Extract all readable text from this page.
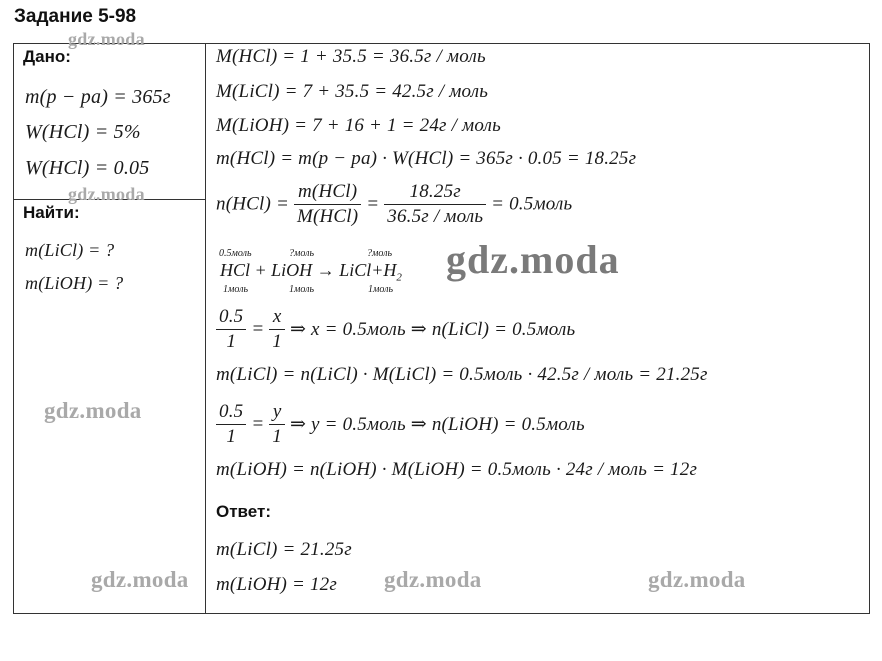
Задание 5-98
Дано:
m(p − pa) = 365г
W(HCl) = 5%
W(HCl) = 0.05
Найти:
m(LiCl) = ?
m(LiOH) = ?
M(HCl) = 1 + 35.5 = 36.5г / моль
M(LiCl) = 7 + 35.5 = 42.5г / моль
M(LiOH) = 7 + 16 + 1 = 24г / моль
m(HCl) = m(p − pa) · W(HCl) = 365г · 0.05 = 18.25г
$n(HCl) = \frac{\text{m(HCl)}}{\text{M(HCl)}} = \frac{18.25г}{\text{36.5г / моль}}$ = 0.5моль
0.5моль	?моль	?моль
HCl + LiOH → $LiCl+H_2$
1моль	1моль	1моль
$\frac{0.5}{1} = \frac{x}{1}$ ⇒ x = 0.5моль ⇒ n(LiCl) = 0.5моль
m(LiCl) = n(LiCl) · M(LiCl) = 0.5моль · 42.5г / моль = 21.25г
$\frac{0.5}{1} = \frac{y}{1}$ ⇒ y = 0.5моль ⇒ n(LiOH) = 0.5моль
m(LiOH) = n(LiOH) · M(LiOH) = 0.5моль · 24г / моль = 12г
Ответ:
m(LiCl) = 21.25г
m(LiOH) = 12г
gdz.moda
gdz.moda
gdz.moda
gdz.moda
gdz.moda	gdz.moda	gdz.moda
